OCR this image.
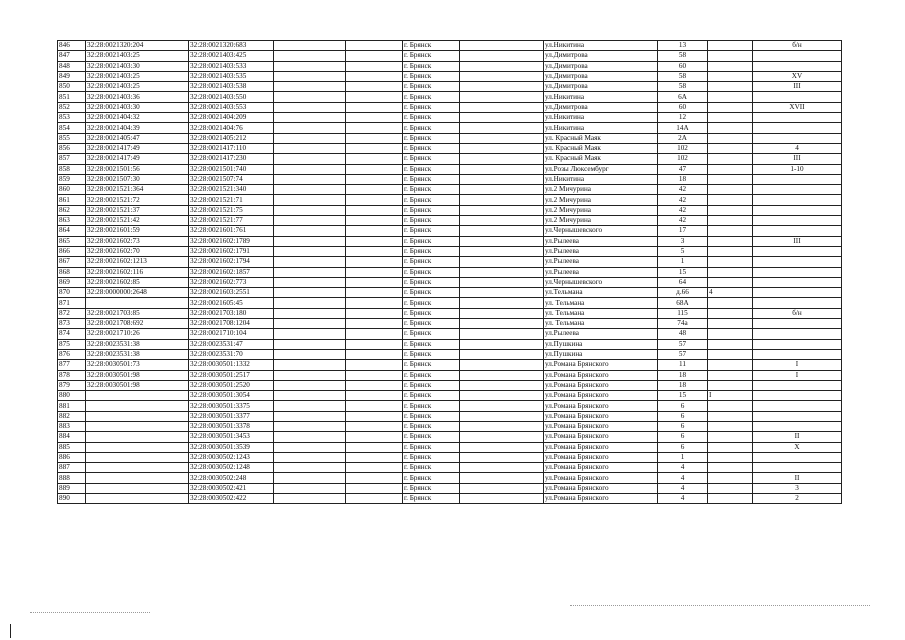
846	32:28:0021320:204	32:28:0021320:683			г. Брянск		ул.Никитина	13		б/н
847	32:28:0021403:25	32:28:0021403:425			г. Брянск		ул.Димитрова	58		
848	32:28:0021403:30	32:28:0021403:533			г. Брянск		ул.Димитрова	60		
849	32:28:0021403:25	32:28:0021403:535			г. Брянск		ул.Димитрова	58		XV
850	32:28:0021403:25	32:28:0021403:538			г. Брянск		ул.Димитрова	58		III
851	32:28:0021403:36	32:28:0021403:550			г. Брянск		ул.Никитина	6А		
852	32:28:0021403:30	32:28:0021403:553			г. Брянск		ул.Димитрова	60		XVII
853	32:28:0021404:32	32:28:0021404:209			г. Брянск		ул.Никитина	12		
854	32:28:0021404:39	32:28:0021404:76			г. Брянск		ул.Никитина	14А		
855	32:28:0021405:47	32:28:0021405:212			г. Брянск		ул. Красный Маяк	2А		
856	32:28:0021417:49	32:28:0021417:110			г. Брянск		ул. Красный Маяк	102		4
857	32:28:0021417:49	32:28:0021417:230			г. Брянск		ул. Красный Маяк	102		III
858	32:28:0021501:56	32:28:0021501:740			г. Брянск		ул.Розы Люксембург	47		1-10
859	32:28:0021507:30	32:28:0021507:74			г. Брянск		ул.Никитина	18		
860	32:28:0021521:364	32:28:0021521:340			г. Брянск		ул.2 Мичурина	42		
861	32:28:0021521:72	32:28:0021521:71			г. Брянск		ул.2 Мичурина	42		
862	32:28:0021521:37	32:28:0021521:75			г. Брянск		ул.2 Мичурина	42		
863	32:28:0021521:42	32:28:0021521:77			г. Брянск		ул.2 Мичурина	42		
864	32:28:0021601:59	32:28:0021601:761			г. Брянск		ул.Чернышевского	17		
865	32:28:0021602:73	32:28:0021602:1789			г. Брянск		ул.Рылеева	3		III
866	32:28:0021602:70	32:28:0021602:1791			г. Брянск		ул.Рылеева	5		
867	32:28:0021602:1213	32:28:0021602:1794			г. Брянск		ул.Рылеева	1		
868	32:28:0021602:116	32:28:0021602:1857			г. Брянск		ул.Рылеева	15		
869	32:28:0021602:85	32:28:0021602:773			г. Брянск		ул.Чернышевского	64		
870	32:28:0000000:2648	32:28:0021603:2551			г. Брянск		ул.Тельмана	д.66	4	
871		32:28:0021605:45			г. Брянск		ул. Тельмана	68А		
872	32:28:0021703:85	32:28:0021703:180			г. Брянск		ул. Тельмана	115		б/н
873	32:28:0021708:692	32:28:0021708:1204			г. Брянск		ул. Тельмана	74а		
874	32:28:0021710:26	32:28:0021710:104			г. Брянск		ул.Рылеева	48		
875	32:28:0023531:38	32:28:0023531:47			г. Брянск		ул.Пушкина	57		
876	32:28:0023531:38	32:28:0023531:70			г. Брянск		ул.Пушкина	57		
877	32:28:0030501:73	32:28:0030501:1332			г. Брянск		ул.Романа Брянского	11		I
878	32:28:0030501:98	32:28:0030501:2517			г. Брянск		ул.Романа Брянского	18		I
879	32:28:0030501:98	32:28:0030501:2520			г. Брянск		ул.Романа Брянского	18		
880		32:28:0030501:3054			г. Брянск		ул.Романа Брянского	15	I	
881		32:28:0030501:3375			г. Брянск		ул.Романа Брянского	6		
882		32:28:0030501:3377			г. Брянск		ул.Романа Брянского	6		
883		32:28:0030501:3378			г. Брянск		ул.Романа Брянского	6		
884		32:28:0030501:3453			г. Брянск		ул.Романа Брянского	6		II
885		32:28:0030501:3539			г. Брянск		ул.Романа Брянского	6		X
886		32:28:0030502:1243			г. Брянск		ул.Романа Брянского	1		
887		32:28:0030502:1248			г. Брянск		ул.Романа Брянского	4		
888		32:28:0030502:248			г. Брянск		ул.Романа Брянского	4		II
889		32:28:0030502:421			г. Брянск		ул.Романа Брянского	4		3
890		32:28:0030502:422			г. Брянск		ул.Романа Брянского	4		2
